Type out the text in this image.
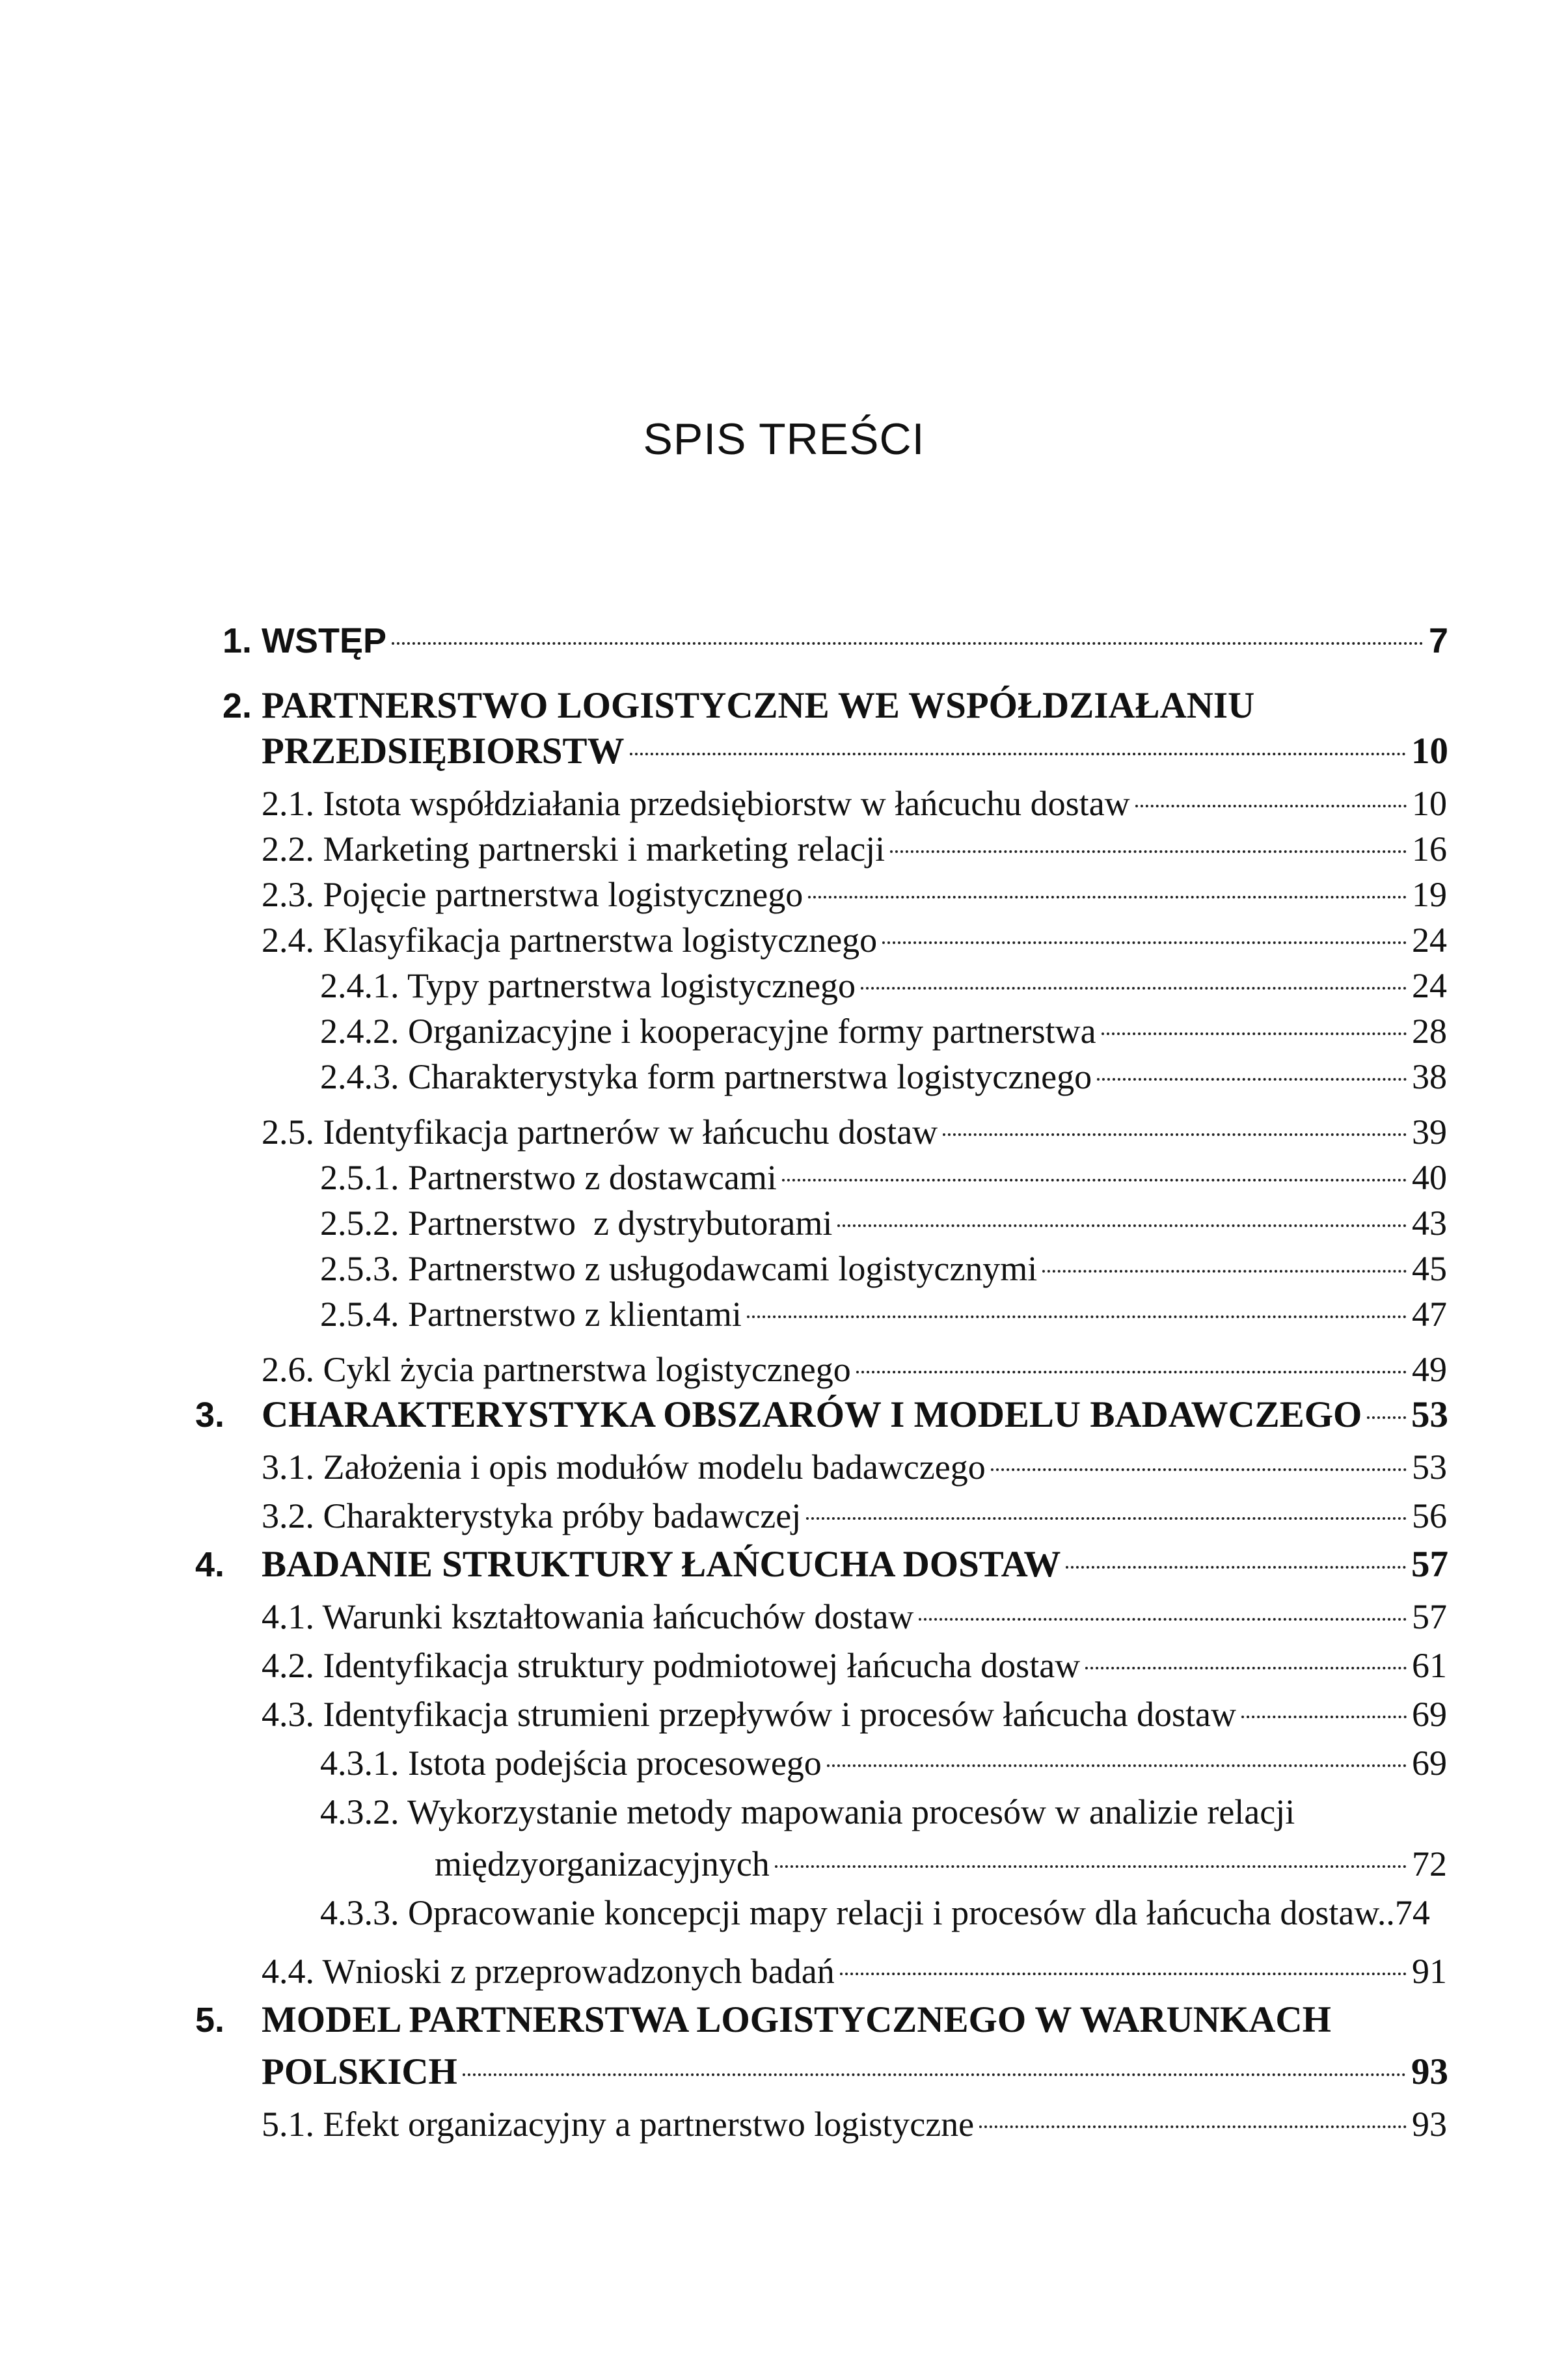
SPIS TREŚCI
1. WSTĘP	7
2. PARTNERSTWO LOGISTYCZNE WE WSPÓŁDZIAŁANIU
PRZEDSIĘBIORSTW	10
2.1. Istota współdziałania przedsiębiorstw w łańcuchu dostaw	10
2.2. Marketing partnerski i marketing relacji	16
2.3. Pojęcie partnerstwa logistycznego	19
2.4. Klasyfikacja partnerstwa logistycznego	24
2.4.1. Typy partnerstwa logistycznego	24
2.4.2. Organizacyjne i kooperacyjne formy partnerstwa	28
2.4.3. Charakterystyka form partnerstwa logistycznego	38
2.5. Identyfikacja partnerów w łańcuchu dostaw	39
2.5.1. Partnerstwo z dostawcami	40
2.5.2. Partnerstwo  z dystrybutorami	43
2.5.3. Partnerstwo z usługodawcami logistycznymi	45
2.5.4. Partnerstwo z klientami	47
2.6. Cykl życia partnerstwa logistycznego	49
3. CHARAKTERYSTYKA OBSZARÓW I MODELU BADAWCZEGO 53
3.1. Założenia i opis modułów modelu badawczego	53
3.2. Charakterystyka próby badawczej	56
4. BADANIE STRUKTURY ŁAŃCUCHA DOSTAW	57
4.1. Warunki kształtowania łańcuchów dostaw	57
4.2. Identyfikacja struktury podmiotowej łańcucha dostaw	61
4.3. Identyfikacja strumieni przepływów i procesów łańcucha dostaw	69
4.3.1. Istota podejścia procesowego	69
4.3.2. Wykorzystanie metody mapowania procesów w analizie relacji
międzyorganizacyjnych	72
4.3.3. Opracowanie koncepcji mapy relacji i procesów dla łańcucha dostaw.. 74
4.4. Wnioski z przeprowadzonych badań	91
5. MODEL PARTNERSTWA LOGISTYCZNEGO W WARUNKACH
POLSKICH	93
5.1. Efekt organizacyjny a partnerstwo logistyczne	93
